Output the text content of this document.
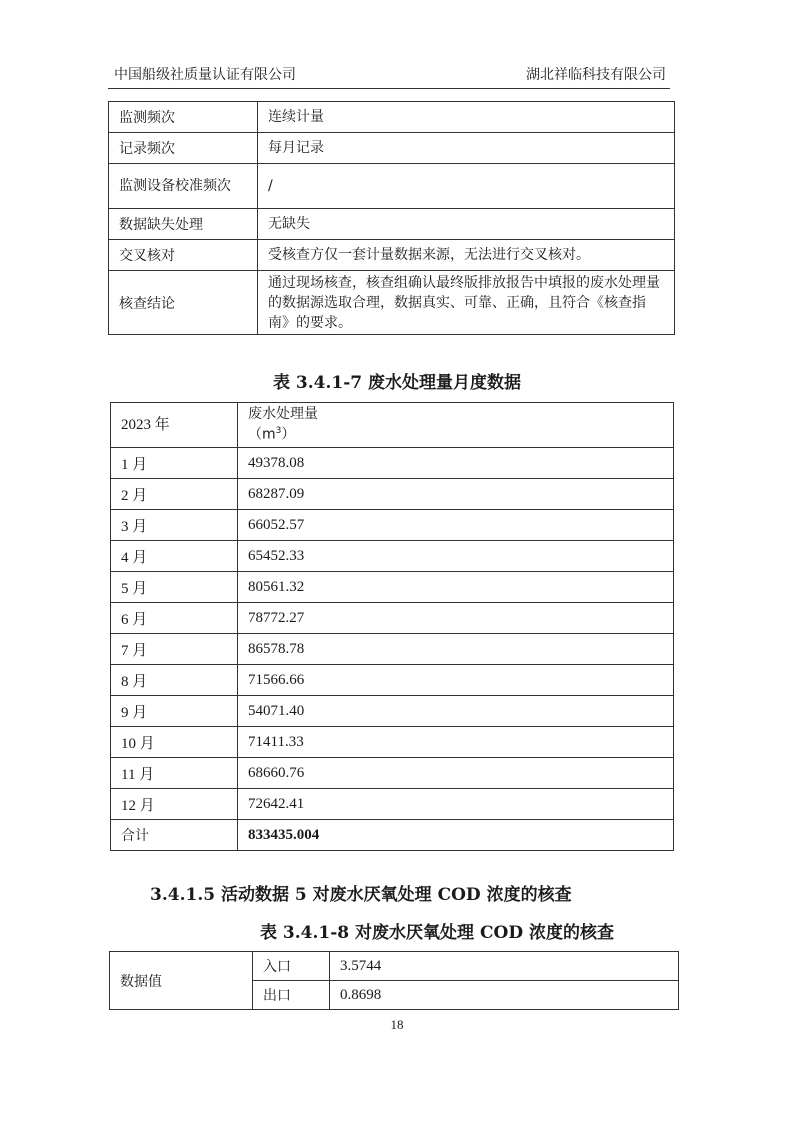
中国船级社质量认证有限公司	湖北祥临科技有限公司
监测频次	连续计量
记录频次	每月记录
监测设备校准频次	/
数据缺失处理	无缺失
交叉核对	受核查方仅一套计量数据来源，无法进行交叉核对。
核查结论	通过现场核查，核查组确认最终版排放报告中填报的废水处理量的数据源选取合理，数据真实、可靠、正确，且符合《核查指南》的要求。
表 3.4.1-7 废水处理量月度数据
2023 年	废水处理量
$(m^3)$

1 月	49378.08
2 月	68287.09
3 月	66052.57
4 月	65452.33
5 月	80561.32
6 月	78772.27
7 月	86578.78
8 月	71566.66
9 月	54071.40
10 月	71411.33
11 月	68660.76
12 月	72642.41
合计	833435.004
3.4.1.5 活动数据 5 对废水厌氧处理 COD 浓度的核查
表 3.4.1-8 对废水厌氧处理 COD 浓度的核查
数据值	入口	3.5744
	出口	0.8698
18
